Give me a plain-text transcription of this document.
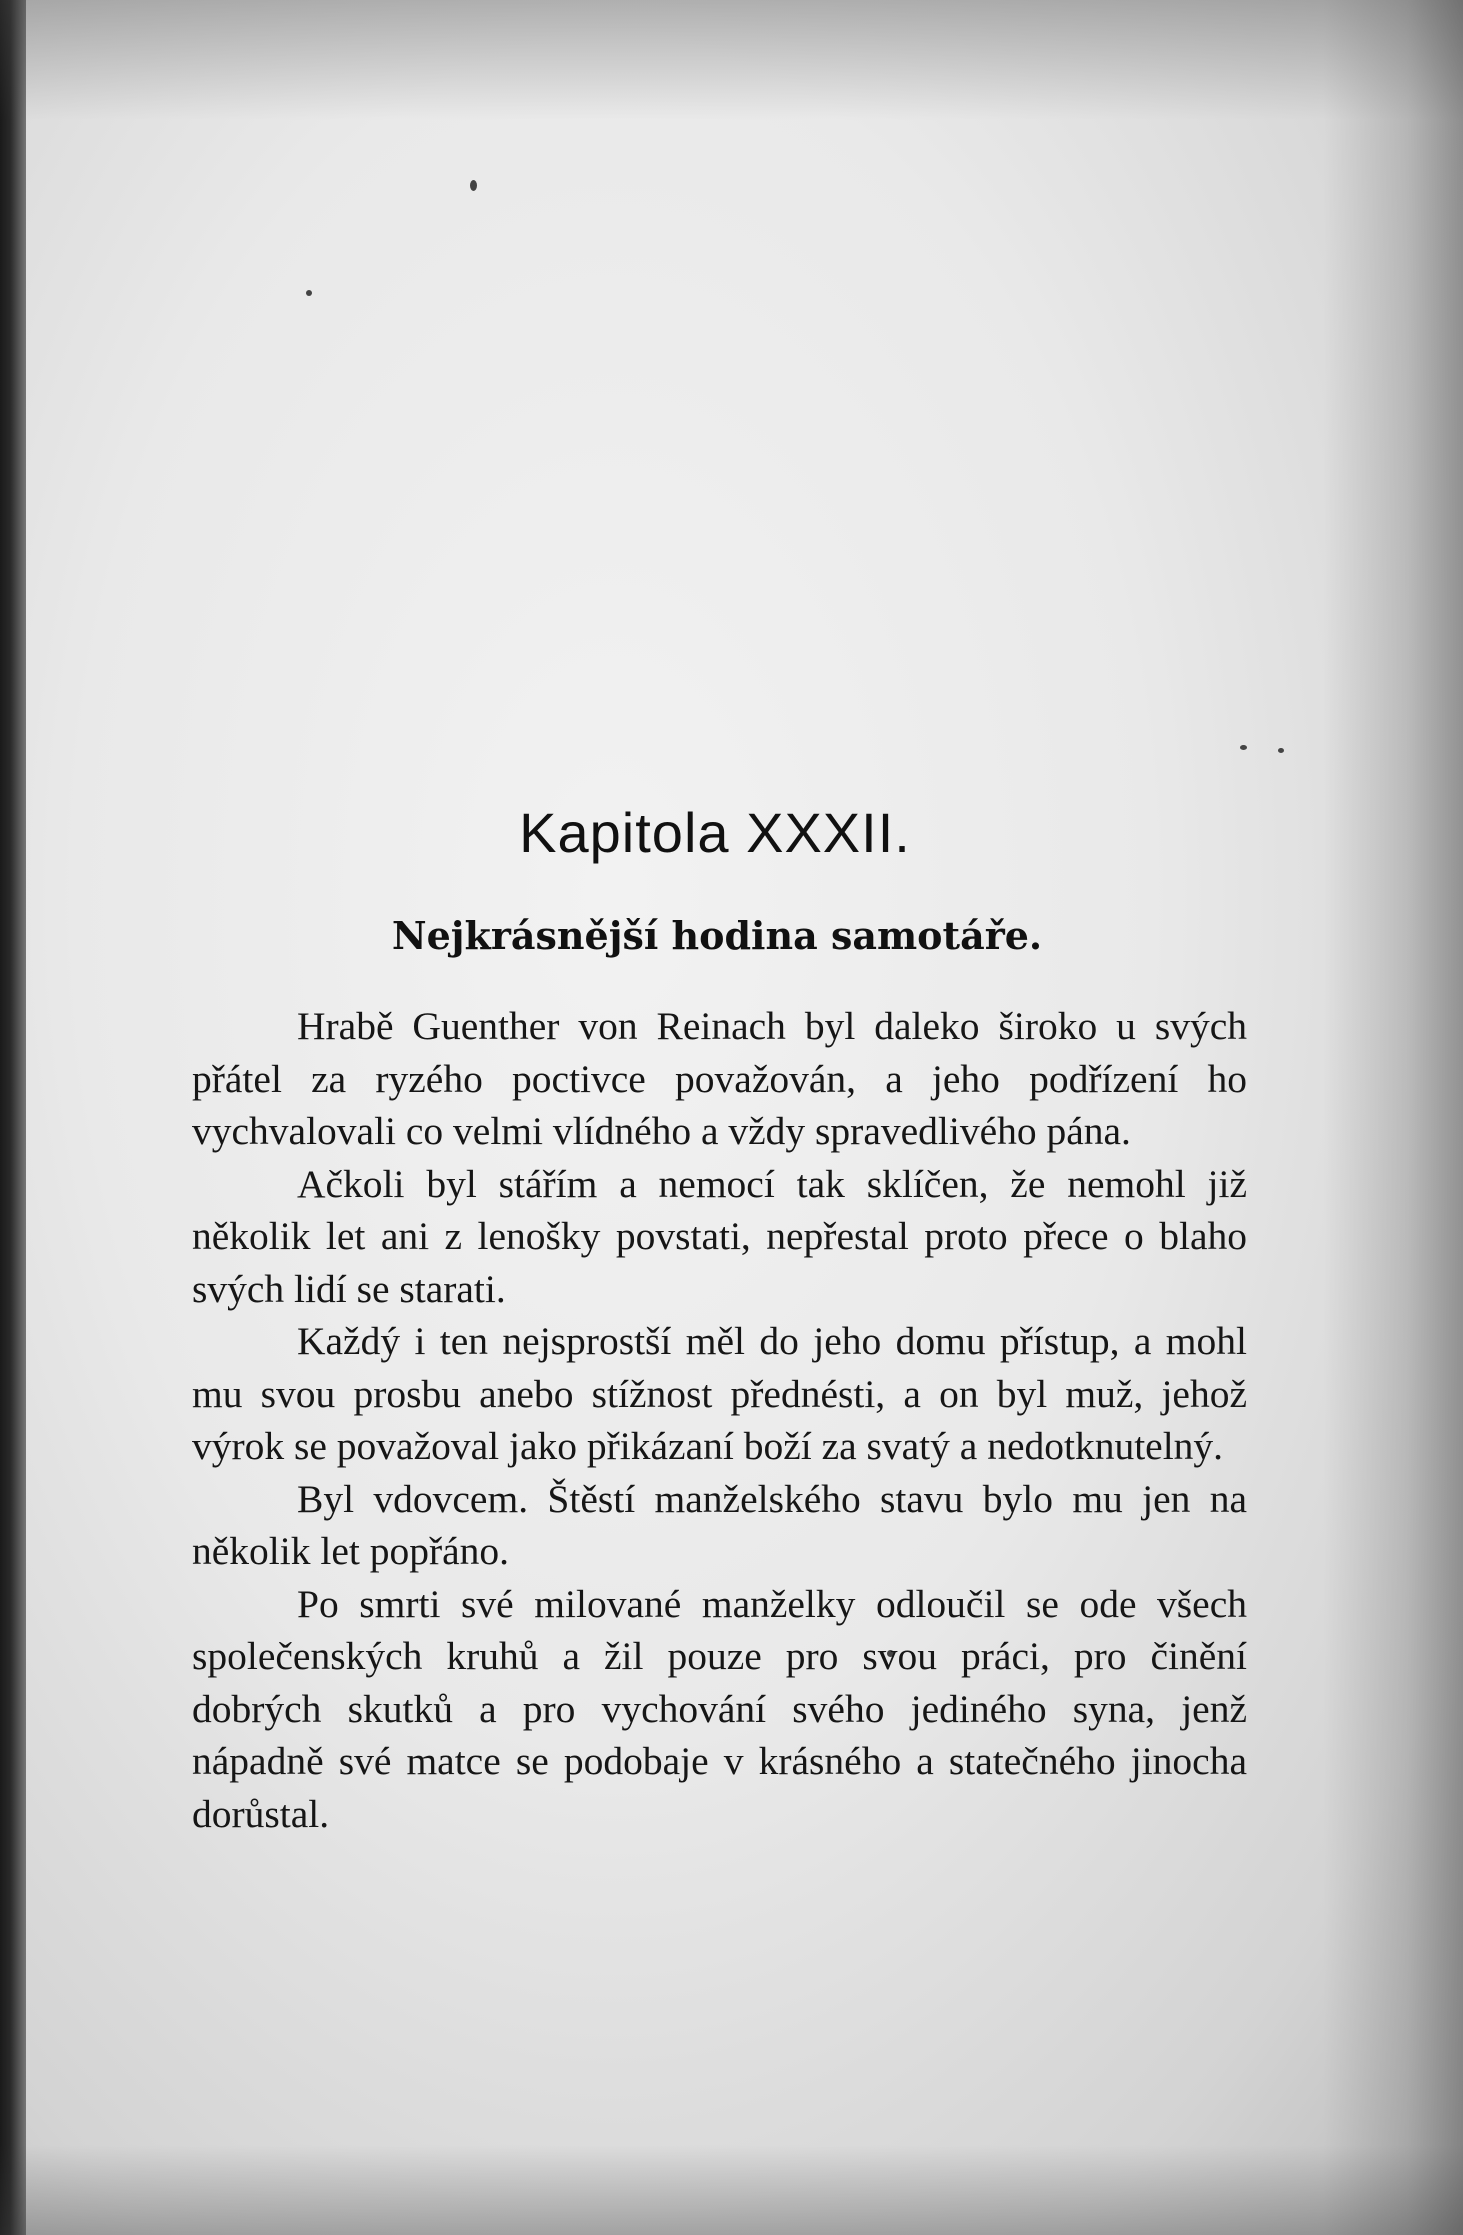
Kapitola XXXII.
Nejkrásnější hodina samotáře.

Hrabě Guenther von Reinach byl daleko široko u svých přátel za ryzého poctivce považován, a jeho podřízení ho vychvalovali co velmi vlídného a vždy spravedlivého pána.

Ačkoli byl stářím a nemocí tak sklíčen, že nemohl již několik let ani z lenošky povstati, nepřestal proto přece o blaho svých lidí se starati.

Každý i ten nejsprostší měl do jeho domu přístup, a mohl mu svou prosbu anebo stížnost přednésti, a on byl muž, jehož výrok se považoval jako přikázaní boží za svatý a nedotknutelný.

Byl vdovcem. Štěstí manželského stavu bylo mu jen na několik let popřáno.

Po smrti své milované manželky odloučil se ode všech společenských kruhů a žil pouze pro svou práci, pro činění dobrých skutků a pro vychování svého jediného syna, jenž nápadně své matce se podobaje v krásného a statečného jinocha dorůstal.
